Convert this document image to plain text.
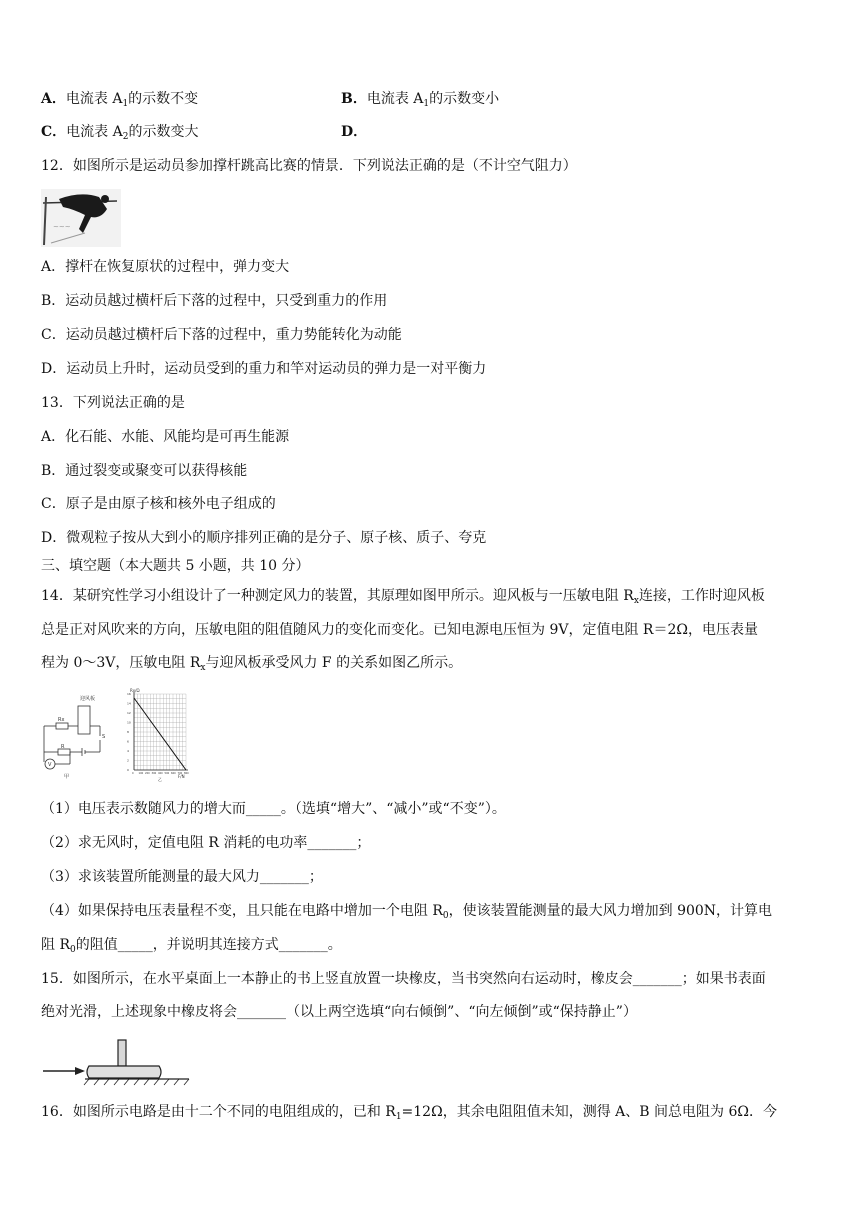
A．电流表 $A_1$的示数不变	B．电流表 $A_1$的示数变小
C．电流表 $A_2$的示数变大	D．
12．如图所示是运动员参加撑杆跳高比赛的情景．下列说法正确的是（不计空气阻力）
~~~
A．撑杆在恢复原状的过程中，弹力变大
B．运动员越过横杆后下落的过程中，只受到重力的作用
C．运动员越过横杆后下落的过程中，重力势能转化为动能
D．运动员上升时，运动员受到的重力和竿对运动员的弹力是一对平衡力
13．下列说法正确的是
A．化石能、水能、风能均是可再生能源
B．通过裂变或聚变可以获得核能
C．原子是由原子核和核外电子组成的
D．微观粒子按从大到小的顺序排列正确的是分子、原子核、质子、夸克
三、填空题（本大题共 5 小题，共 10 分）
14．某研究性学习小组设计了一种测定风力的装置，其原理如图甲所示。迎风板与一压敏电阻 $R_x$连接，工作时迎风板
总是正对风吹来的方向，压敏电阻的阻值随风力的变化而变化。已知电源电压恒为 9V，定值电阻 R＝2Ω，电压表量
程为 0～3V，压敏电阻 $R_x$与迎风板承受风力 F 的关系如图乙所示。
迎风板
Rx
R
S
V
甲
Rx/Ω
F/N
乙
16
14
12
10
8
6
4
2
0
0 100 200 300 400 500 600 700 800
（1）电压表示数随风力的增大而_____。（选填“增大”、“减小”或“不变”）。
（2）求无风时，定值电阻 R 消耗的电功率_______；
（3）求该装置所能测量的最大风力_______；
（4）如果保持电压表量程不变，且只能在电路中增加一个电阻 $R_0$，使该装置能测量的最大风力增加到 900N，计算电
阻 $R_0$的阻值_____，并说明其连接方式_______。
15．如图所示，在水平桌面上一本静止的书上竖直放置一块橡皮，当书突然向右运动时，橡皮会_______；如果书表面
绝对光滑，上述现象中橡皮将会_______（以上两空选填“向右倾倒”、“向左倾倒”或“保持静止”）
16．如图所示电路是由十二个不同的电阻组成的，已和 $R_1=12\Omega$，其余电阻阻值未知，测得 A、B 间总电阻为 6Ω．今
